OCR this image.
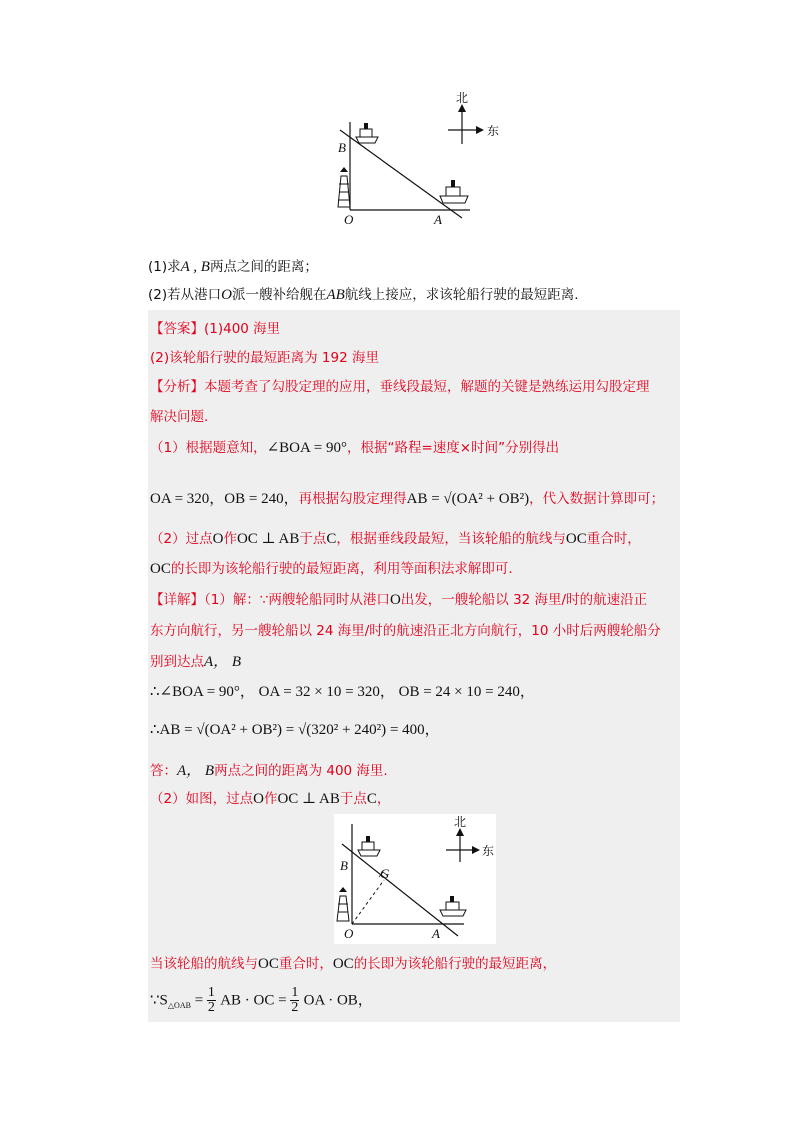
北
东
B
O	A
(1)求A , B两点之间的距离；
(2)若从港口O派一艘补给舰在AB航线上接应，求该轮船行驶的最短距离.
【答案】(1)400 海里
(2)该轮船行驶的最短距离为 192 海里
【分析】本题考查了勾股定理的应用，垂线段最短，解题的关键是熟练运用勾股定理
解决问题.
（1）根据题意知，∠BOA = 90°，根据“路程=速度×时间”分别得出
OA = 320，OB = 240，再根据勾股定理得AB = √(OA² + OB²)，代入数据计算即可；
（2）过点O作OC ⊥ AB于点C，根据垂线段最短，当该轮船的航线与OC重合时，
OC的长即为该轮船行驶的最短距离，利用等面积法求解即可.
【详解】（1）解：∵两艘轮船同时从港口O出发，一艘轮船以 32 海里/时的航速沿正
东方向航行，另一艘轮船以 24 海里/时的航速沿正北方向航行，10 小时后两艘轮船分
别到达点A， B
∴∠BOA = 90°， OA = 32 × 10 = 320， OB = 24 × 10 = 240，
∴AB = √(OA² + OB²) = √(320² + 240²) = 400，
答：A， B两点之间的距离为 400 海里.
（2）如图，过点O作OC ⊥ AB于点C，
北
东
B
G
O	A
当该轮船的航线与OC重合时，OC的长即为该轮船行驶的最短距离，
$\because S_{\triangle OAB} = \frac{1}{2}$ AB · OC = $\frac{1}{2}$ OA · OB，
